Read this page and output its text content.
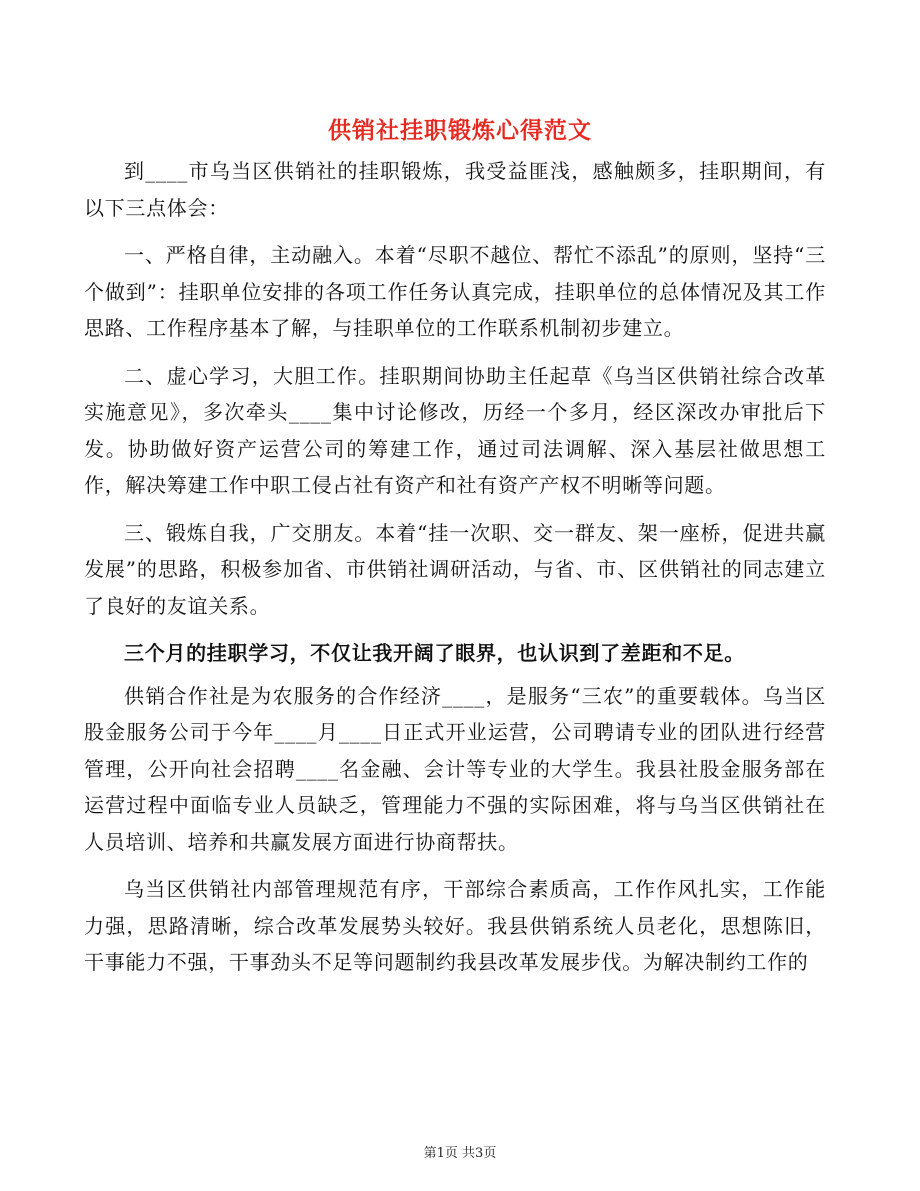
供销社挂职锻炼心得范文

到____市乌当区供销社的挂职锻炼，我受益匪浅，感触颇多，挂职期间，有以下三点体会：

一、严格自律，主动融入。本着“尽职不越位、帮忙不添乱”的原则，坚持“三个做到”：挂职单位安排的各项工作任务认真完成，挂职单位的总体情况及其工作思路、工作程序基本了解，与挂职单位的工作联系机制初步建立。

二、虚心学习，大胆工作。挂职期间协助主任起草《乌当区供销社综合改革实施意见》，多次牵头____集中讨论修改，历经一个多月，经区深改办审批后下发。协助做好资产运营公司的筹建工作，通过司法调解、深入基层社做思想工作，解决筹建工作中职工侵占社有资产和社有资产产权不明晰等问题。

三、锻炼自我，广交朋友。本着“挂一次职、交一群友、架一座桥，促进共赢发展”的思路，积极参加省、市供销社调研活动，与省、市、区供销社的同志建立了良好的友谊关系。

三个月的挂职学习，不仅让我开阔了眼界，也认识到了差距和不足。

供销合作社是为农服务的合作经济____，是服务“三农”的重要载体。乌当区股金服务公司于今年____月____日正式开业运营，公司聘请专业的团队进行经营管理，公开向社会招聘____名金融、会计等专业的大学生。我县社股金服务部在运营过程中面临专业人员缺乏，管理能力不强的实际困难，将与乌当区供销社在人员培训、培养和共赢发展方面进行协商帮扶。

乌当区供销社内部管理规范有序，干部综合素质高，工作作风扎实，工作能力强，思路清晰，综合改革发展势头较好。我县供销系统人员老化，思想陈旧，干事能力不强，干事劲头不足等问题制约我县改革发展步伐。为解决制约工作的

第1页 共3页
